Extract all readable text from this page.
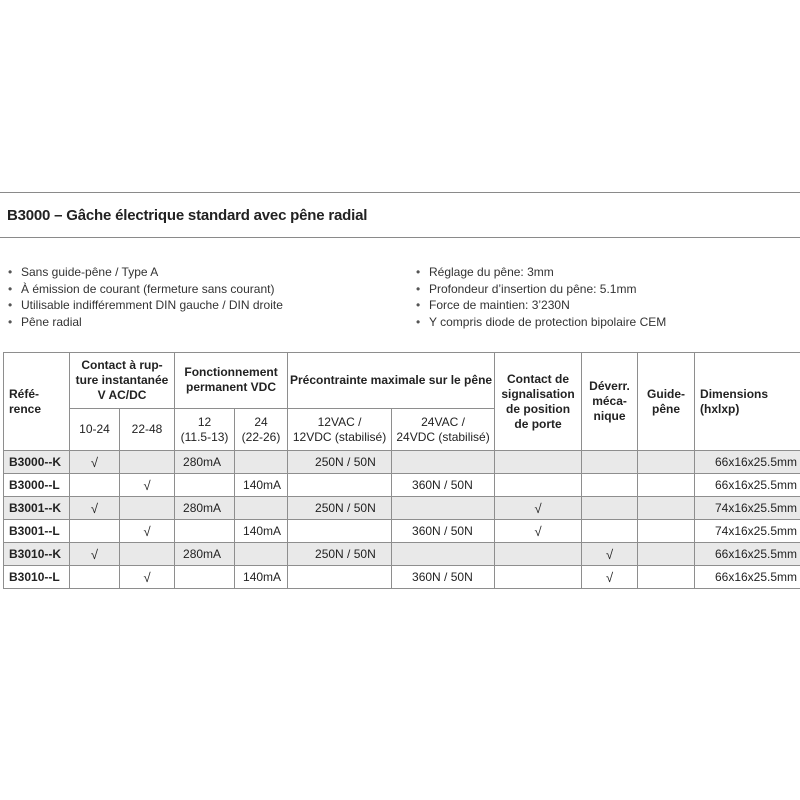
B3000 – Gâche électrique standard avec pêne radial
• Sans guide-pêne / Type A
• À émission de courant (fermeture sans courant)
• Utilisable indifféremment DIN gauche / DIN droite
• Pêne radial
• Réglage du pêne: 3mm
• Profondeur d’insertion du pêne: 5.1mm
• Force de maintien: 3’230N
• Y compris diode de protection bipolaire CEM
Réfé-
rence	Contact à rup-
ture instantanée
V AC/DC		Fonctionnement
permanent VDC		Précontrainte maximale sur le pêne		Contact de
signalisation
de position
de porte	Déverr.
méca-
nique	Guide-
pêne	Dimensions
(hxlxp)
	10-24	22-48	12
(11.5-13)	24
(22-26)	12VAC /
12VDC (stabilisé)	24VAC /
24VDC (stabilisé)				
B3000--K	√		280mA		250N / 50N					66x16x25.5mm
B3000--L		√		140mA		360N / 50N				66x16x25.5mm
B3001--K	√		280mA		250N / 50N		√			74x16x25.5mm
B3001--L		√		140mA		360N / 50N	√			74x16x25.5mm
B3010--K	√		280mA		250N / 50N			√		66x16x25.5mm
B3010--L		√		140mA		360N / 50N		√		66x16x25.5mm
